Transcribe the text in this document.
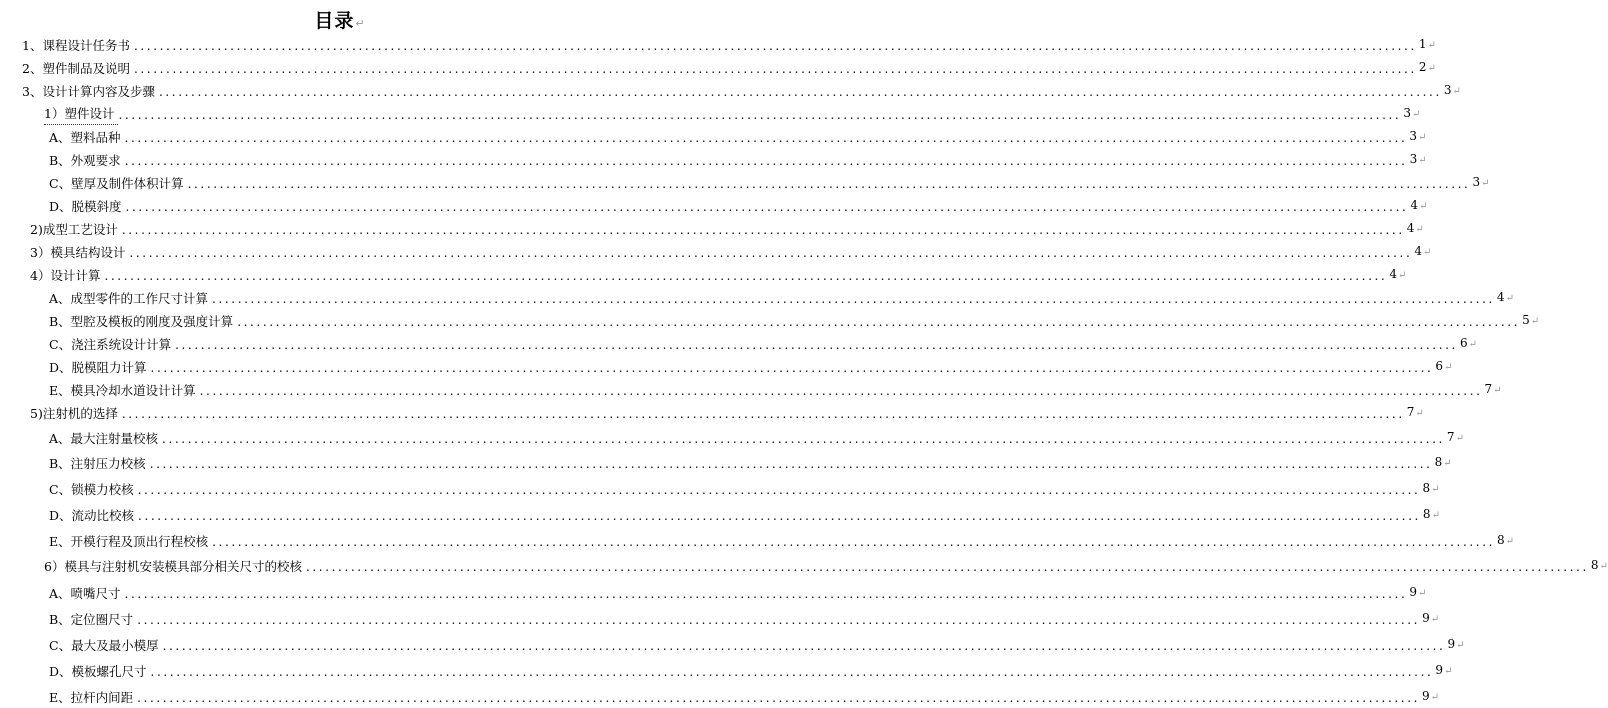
目录↵
1、课程设计任务书 ........................................................................................................................................................................................................ 1↵
2、塑件制品及说明 ........................................................................................................................................................................................................ 2↵
3、设计计算内容及步骤 ........................................................................................................................................................................................................ 3↵
1）塑件设计 ........................................................................................................................................................................................................ 3↵
A、塑料品种 ........................................................................................................................................................................................................ 3↵
B、外观要求 ........................................................................................................................................................................................................ 3↵
C、壁厚及制件体积计算 ........................................................................................................................................................................................................ 3↵
D、脱模斜度 ........................................................................................................................................................................................................ 4↵
2)成型工艺设计 ........................................................................................................................................................................................................ 4↵
3）模具结构设计 ........................................................................................................................................................................................................ 4↵
4）设计计算 ........................................................................................................................................................................................................ 4↵
A、成型零件的工作尺寸计算 ........................................................................................................................................................................................................ 4↵
B、型腔及模板的刚度及强度计算 ........................................................................................................................................................................................................ 5↵
C、浇注系统设计计算 ........................................................................................................................................................................................................ 6↵
D、脱模阻力计算 ........................................................................................................................................................................................................ 6↵
E、模具冷却水道设计计算 ........................................................................................................................................................................................................ 7↵
5)注射机的选择 ........................................................................................................................................................................................................ 7↵
A、最大注射量校核 ........................................................................................................................................................................................................ 7↵
B、注射压力校核 ........................................................................................................................................................................................................ 8↵
C、锁模力校核 ........................................................................................................................................................................................................ 8↵
D、流动比校核 ........................................................................................................................................................................................................ 8↵
E、开模行程及顶出行程校核 ........................................................................................................................................................................................................ 8↵
6）模具与注射机安装模具部分相关尺寸的校核 ........................................................................................................................................................................................................ 8↵
A、喷嘴尺寸 ........................................................................................................................................................................................................ 9↵
B、定位圈尺寸 ........................................................................................................................................................................................................ 9↵
C、最大及最小模厚 ........................................................................................................................................................................................................ 9↵
D、模板螺孔尺寸 ........................................................................................................................................................................................................ 9↵
E、拉杆内间距 ........................................................................................................................................................................................................ 9↵
